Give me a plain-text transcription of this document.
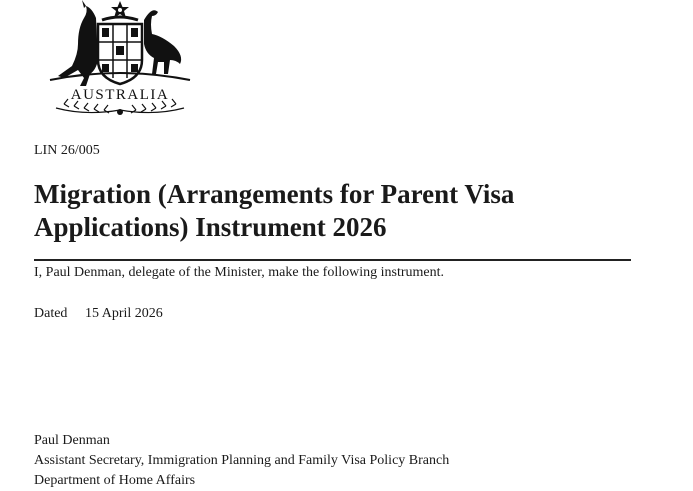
AUSTRALIA
LIN 26/005
Migration (Arrangements for Parent Visa Applications) Instrument 2026
I, Paul Denman, delegate of the Minister, make the following instrument.
Dated 15 April 2026
Paul Denman
Assistant Secretary, Immigration Planning and Family Visa Policy Branch
Department of Home Affairs
